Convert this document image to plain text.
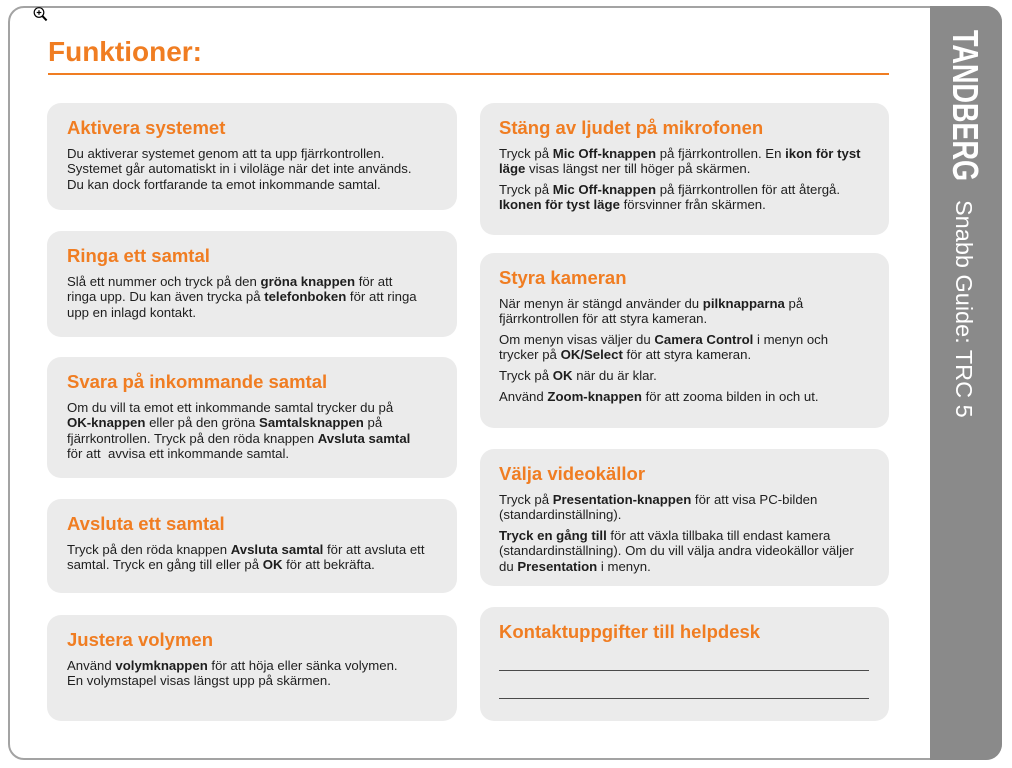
TANDBERG
Snabb Guide: TRC 5
Funktioner:
Aktivera systemet

Du aktiverar systemet genom att ta upp fjärrkontrollen.
Systemet går automatiskt in i viloläge när det inte används.
Du kan dock fortfarande ta emot inkommande samtal.

Ringa ett samtal

Slå ett nummer och tryck på den gröna knappen för att
ringa upp. Du kan även trycka på telefonboken för att ringa
upp en inlagd kontakt.

Svara på inkommande samtal

Om du vill ta emot ett inkommande samtal trycker du på
OK-knappen eller på den gröna Samtalsknappen på
fjärrkontrollen. Tryck på den röda knappen Avsluta samtal
för att  avvisa ett inkommande samtal.

Avsluta ett samtal

Tryck på den röda knappen Avsluta samtal för att avsluta ett
samtal. Tryck en gång till eller på OK för att bekräfta.

Justera volymen

Använd volymknappen för att höja eller sänka volymen.
En volymstapel visas längst upp på skärmen.

Stäng av ljudet på mikrofonen

Tryck på Mic Off-knappen på fjärrkontrollen. En ikon för tyst
läge visas längst ner till höger på skärmen.

Tryck på Mic Off-knappen på fjärrkontrollen för att återgå.
Ikonen för tyst läge försvinner från skärmen.

Styra kameran

När menyn är stängd använder du pilknapparna på
fjärrkontrollen för att styra kameran.

Om menyn visas väljer du Camera Control i menyn och
trycker på OK/Select för att styra kameran.

Tryck på OK när du är klar.

Använd Zoom-knappen för att zooma bilden in och ut.

Välja videokällor

Tryck på Presentation-knappen för att visa PC-bilden
(standardinställning).

Tryck en gång till för att växla tillbaka till endast kamera
(standardinställning). Om du vill välja andra videokällor väljer
du Presentation i menyn.

Kontaktuppgifter till helpdesk
